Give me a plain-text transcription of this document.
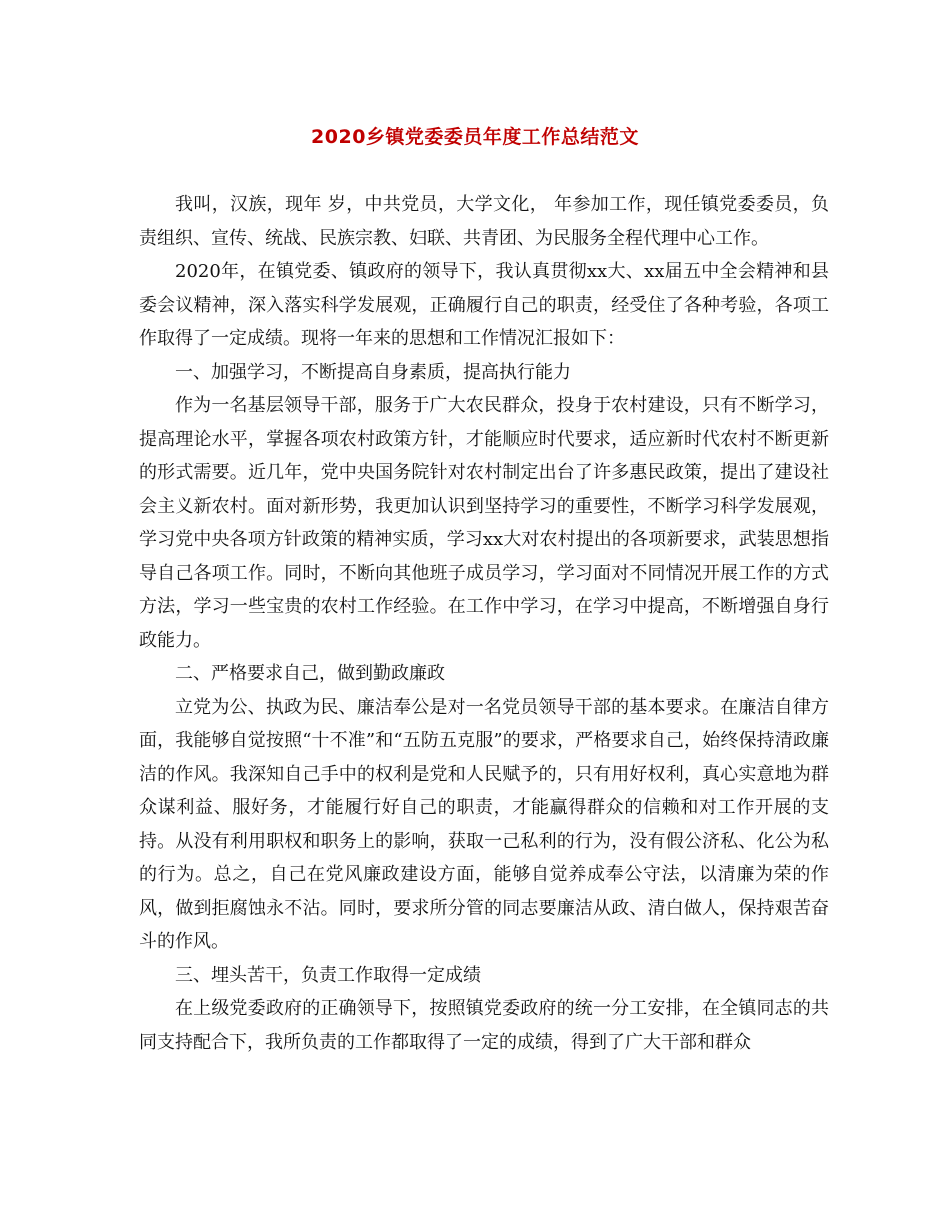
2020乡镇党委委员年度工作总结范文

我叫，汉族，现年 岁，中共党员，大学文化， 年参加工作，现任镇党委委员，负责组织、宣传、统战、民族宗教、妇联、共青团、为民服务全程代理中心工作。

2020年，在镇党委、镇政府的领导下，我认真贯彻xx大、xx届五中全会精神和县委会议精神，深入落实科学发展观，正确履行自己的职责，经受住了各种考验，各项工作取得了一定成绩。现将一年来的思想和工作情况汇报如下：

一、加强学习，不断提高自身素质，提高执行能力

作为一名基层领导干部，服务于广大农民群众，投身于农村建设，只有不断学习，提高理论水平，掌握各项农村政策方针，才能顺应时代要求，适应新时代农村不断更新的形式需要。近几年，党中央国务院针对农村制定出台了许多惠民政策，提出了建设社会主义新农村。面对新形势，我更加认识到坚持学习的重要性，不断学习科学发展观，学习党中央各项方针政策的精神实质，学习xx大对农村提出的各项新要求，武装思想指导自己各项工作。同时，不断向其他班子成员学习，学习面对不同情况开展工作的方式方法，学习一些宝贵的农村工作经验。在工作中学习，在学习中提高，不断增强自身行政能力。

二、严格要求自己，做到勤政廉政

立党为公、执政为民、廉洁奉公是对一名党员领导干部的基本要求。在廉洁自律方面，我能够自觉按照“十不准”和“五防五克服”的要求，严格要求自己，始终保持清政廉洁的作风。我深知自己手中的权利是党和人民赋予的，只有用好权利，真心实意地为群众谋利益、服好务，才能履行好自己的职责，才能赢得群众的信赖和对工作开展的支持。从没有利用职权和职务上的影响，获取一己私利的行为，没有假公济私、化公为私的行为。总之，自己在党风廉政建设方面，能够自觉养成奉公守法，以清廉为荣的作风，做到拒腐蚀永不沾。同时，要求所分管的同志要廉洁从政、清白做人，保持艰苦奋斗的作风。

三、埋头苦干，负责工作取得一定成绩

在上级党委政府的正确领导下，按照镇党委政府的统一分工安排，在全镇同志的共同支持配合下，我所负责的工作都取得了一定的成绩，得到了广大干部和群众
